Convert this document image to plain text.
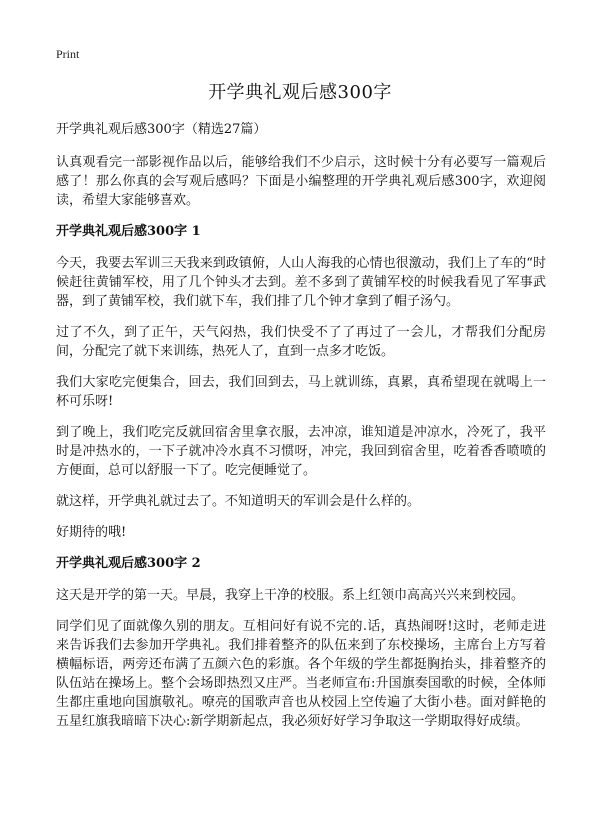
Print
开学典礼观后感300字
开学典礼观后感300字（精选27篇）

认真观看完一部影视作品以后，能够给我们不少启示，这时候十分有必要写一篇观后感了！那么你真的会写观后感吗？下面是小编整理的开学典礼观后感300字，欢迎阅读，希望大家能够喜欢。

开学典礼观后感300字 1

今天，我要去军训三天我来到政镇俯，人山人海我的心情也很激动，我们上了车的“时候赶往黄铺军校，用了几个钟头才去到。差不多到了黄铺军校的时候我看见了军事武器，到了黄铺军校，我们就下车，我们排了几个钟才拿到了帽子汤勺。

过了不久，到了正午，天气闷热，我们快受不了了再过了一会儿，才帮我们分配房间，分配完了就下来训练，热死人了，直到一点多才吃饭。

我们大家吃完便集合，回去，我们回到去，马上就训练，真累，真希望现在就喝上一杯可乐呀!

到了晚上，我们吃完反就回宿舍里拿衣服，去冲凉，谁知道是冲凉水，冷死了，我平时是冲热水的，一下子就冲冷水真不习惯呀，冲完，我回到宿舍里，吃着香香喷喷的方便面，总可以舒服一下了。吃完便睡觉了。

就这样，开学典礼就过去了。不知道明天的军训会是什么样的。

好期待的哦!

开学典礼观后感300字 2

这天是开学的第一天。早晨，我穿上干净的校服。系上红领巾高高兴兴来到校园。

同学们见了面就像久别的朋友。互相问好有说不完的.话，真热闹呀!这时，老师走进来告诉我们去参加开学典礼。我们排着整齐的队伍来到了东校操场，主席台上方写着横幅标语，两旁还布满了五颜六色的彩旗。各个年级的学生都挺胸抬头，排着整齐的队伍站在操场上。整个会场即热烈又庄严。当老师宣布:升国旗奏国歌的时候，全体师生都庄重地向国旗敬礼。嘹亮的国歌声音也从校园上空传遍了大街小巷。面对鲜艳的五星红旗我暗暗下决心:新学期新起点，我必须好好学习争取这一学期取得好成绩。
